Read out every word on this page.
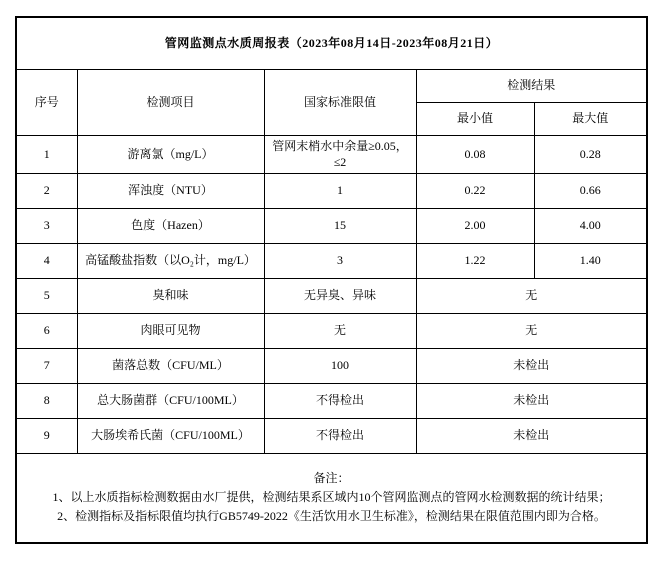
管网监测点水质周报表（2023年08月14日-2023年08月21日）				
序号	检测项目	国家标准限值	检测结果	
			最小值	最大值
1	游离氯（mg/L）	管网末梢水中余量≥0.05，≤2	0.08	0.28
2	浑浊度（NTU）	1	0.22	0.66
3	色度（Hazen）	15	2.00	4.00
4	高锰酸盐指数（以O₂计，mg/L）	3	1.22	1.40
5	臭和味	无异臭、异味	无	
6	肉眼可见物	无	无	
7	菌落总数（CFU/ML）	100	未检出	
8	总大肠菌群（CFU/100ML）	不得检出	未检出	
9	大肠埃希氏菌（CFU/100ML）	不得检出	未检出	

备注：
1、以上水质指标检测数据由水厂提供，检测结果系区域内10个管网监测点的管网水检测数据的统计结果；
2、检测指标及指标限值均执行GB5749-2022《生活饮用水卫生标准》，检测结果在限值范围内即为合格。				
